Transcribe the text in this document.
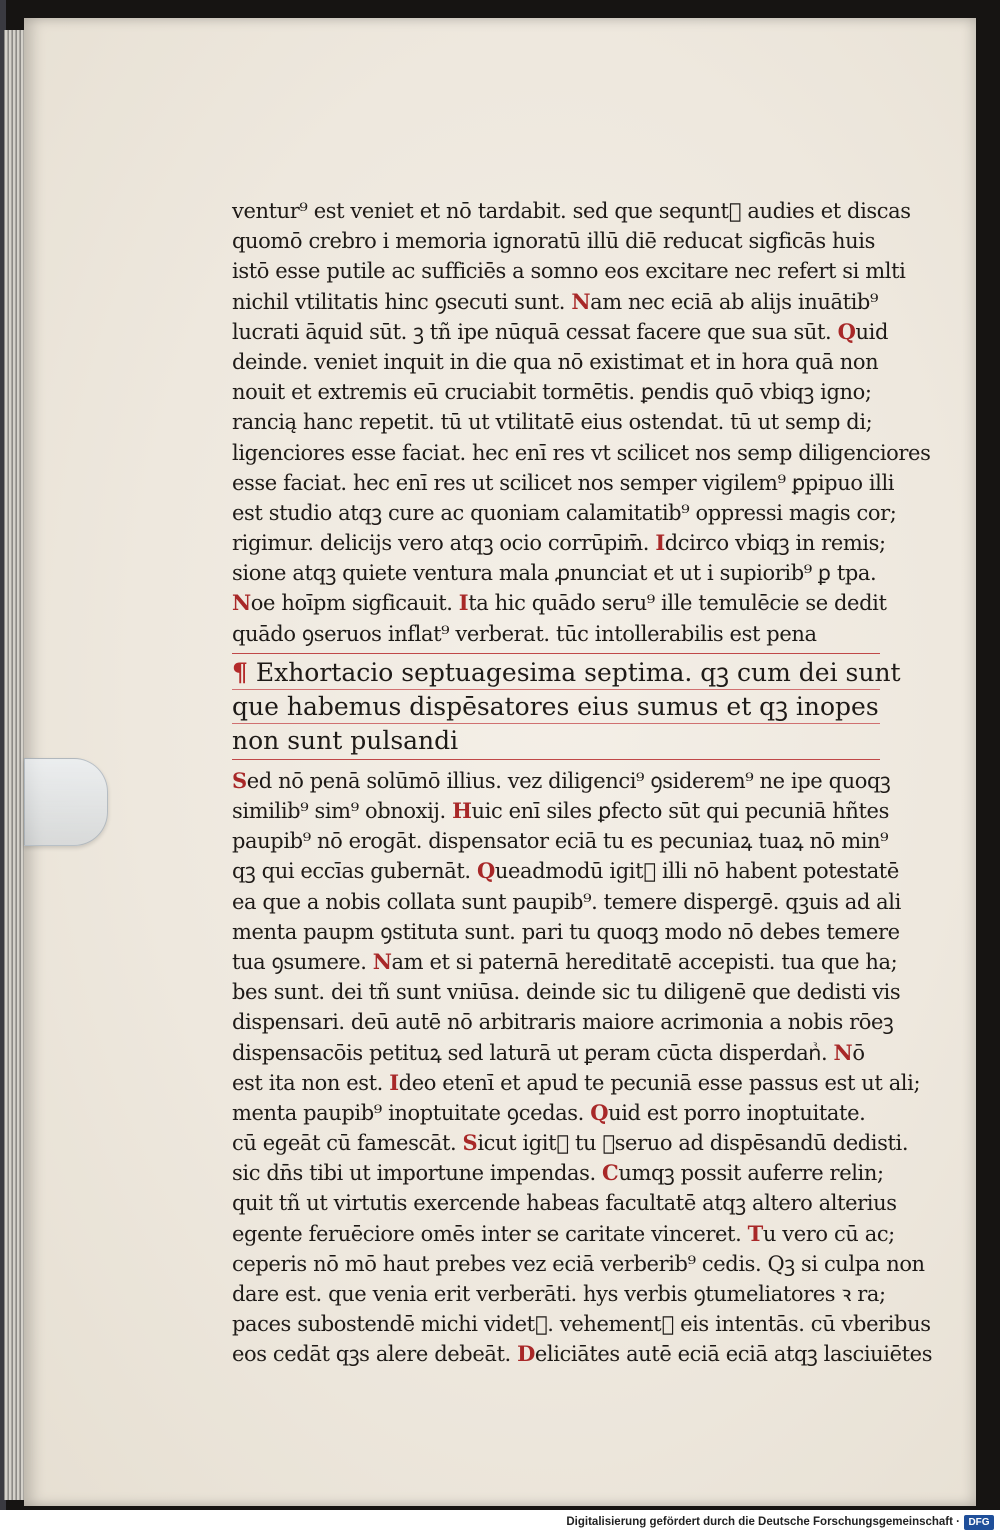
ventur⁹ est veniet et nō tardabit. sed que sequntᷣ audies et discas
quomō crebro i memoria ignoratū illū diē reducat sigficās huis
istō esse putile ac sufficiēs a somno eos excitare nec refert si mlti
nichil vtilitatis hinc ꝯsecuti sunt. Nam nec eciā ab alijs inuātib⁹
lucrati āquid sūt. ꝫ tñ ipe nūquā cessat facere que sua sūt. Quid
deinde. veniet inquit in die qua nō existimat et in hora quā non
nouit et extremis eū cruciabit tormētis. ꝑendis quō vbiqꝫ igno;
rancią hanc repetit. tū ut vtilitatē eius ostendat. tū ut semp di;
ligenciores esse faciat. hec enī res vt scilicet nos semp diligenciores
esse faciat. hec enī res ut scilicet nos semper vigilem⁹ ꝑpipuo illi
est studio atqꝫ cure ac quoniam calamitatib⁹ oppressi magis cor;
rigimur. delicijs vero atqꝫ ocio corrūpim̄. Idcirco vbiqꝫ in remis;
sione atqꝫ quiete ventura mala ꝓnunciat et ut i supiorib⁹ ꝑ tpa.
Noe hoīpm sigficauit. Ita hic quādo seru⁹ ille temulēcie se dedit
quādo ꝯseruos inflat⁹ verberat. tūc intollerabilis est pena
¶ Exhortacio septuagesima septima. qꝫ cum dei sunt
que habemus dispēsatores eius sumus et qꝫ inopes
non sunt pulsandi
Sed nō penā solūmō illius. vez diligenci⁹ ꝯsiderem⁹ ne ipe quoqꝫ
similib⁹ sim⁹ obnoxij. Huic enī siles ꝑfecto sūt qui pecuniā hñtes
paupib⁹ nō erogāt. dispensator eciā tu es pecuniaꝝ tuaꝝ nō min⁹
qꝫ qui eccīas gubernāt. Queadmodū igitᷣ illi nō habent potestatē
ea que a nobis collata sunt paupib⁹. temere dispergē. qꝫuis ad ali
menta paupm ꝯstituta sunt. pari tu quoqꝫ modo nō debes temere
tua ꝯsumere. Nam et si paternā hereditatē accepisti. tua que ha;
bes sunt. dei tñ sunt vniūsa. deinde sic tu diligenē que dedisti vis
dispensari. deū autē nō arbitraris maiore acrimonia a nobis rōeꝫ
dispensacōis petituꝝ sed laturā ut ꝑeram cūcta disperdanᷣ. Nō
est ita non est. Ideo etenī et apud te pecuniā esse passus est ut ali;
menta paupib⁹ inoptuitate ꝯcedas. Quid est porro inoptuitate.
cū egeāt cū famescāt. Sicut igitᷣ tu ꝯseruo ad dispēsandū dedisti.
sic dn̄s tibi ut importune impendas. Cumqꝫ possit auferre relin;
quit tñ ut virtutis exercende habeas facultatē atqꝫ altero alterius
egente feruēciore omēs inter se caritate vinceret. Tu vero cū ac;
ceperis nō mō haut prebes vez eciā verberib⁹ cedis. Qꝫ si culpa non
dare est. que venia erit verberāti. hys verbis ꝯtumeliatores ꝛ ra;
paces subostendē michi videtᷣ. vehementᷣ eis intentās. cū vberibus
eos cedāt qꝫs alere debeāt. Deliciātes autē eciā eciā atqꝫ lasciuiētes
Digitalisierung gefördert durch die Deutsche Forschungsgemeinschaft · DFG
